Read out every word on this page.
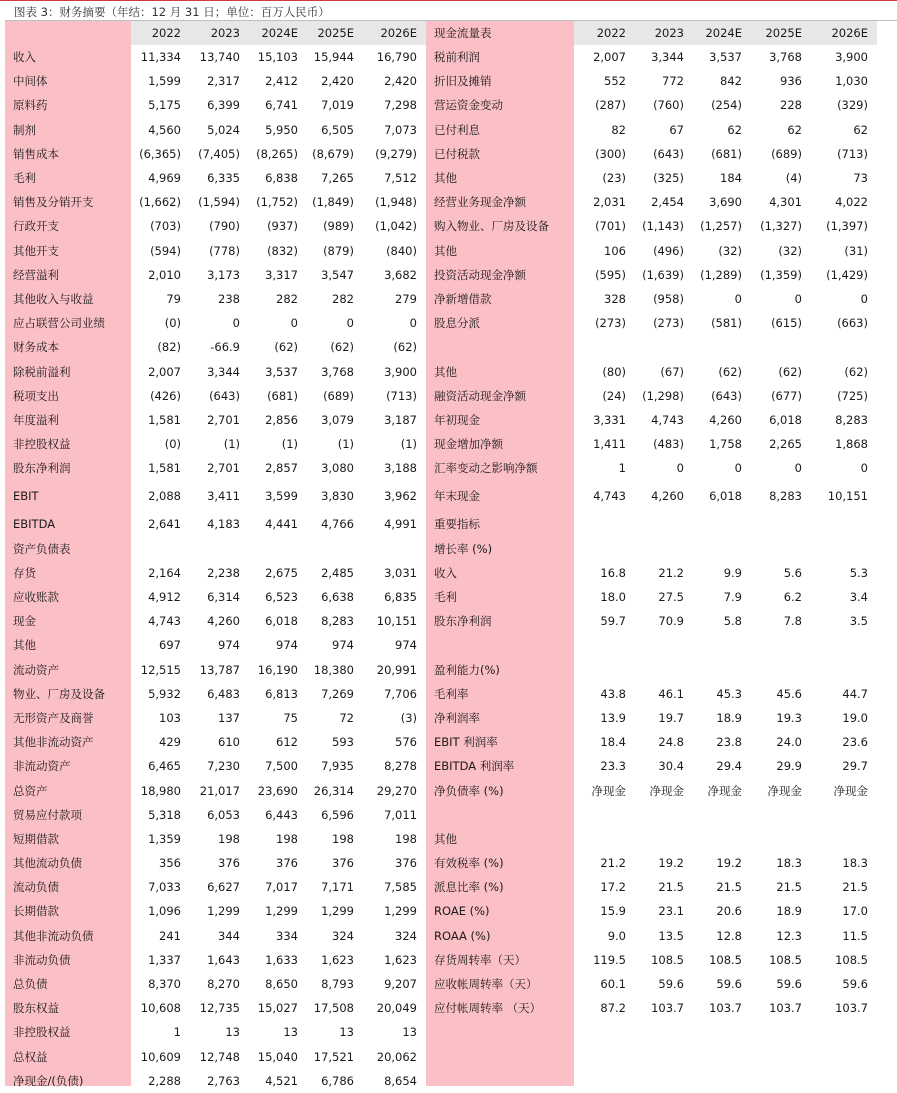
图表 3：财务摘要（年结：12 月 31 日；单位：百万人民币）
	2022	2023	2024E	2025E	2026E	现金流量表	2022	2023	2024E	2025E	2026E
收入	11,334	13,740	15,103	15,944	16,790	税前利润	2,007	3,344	3,537	3,768	3,900
中间体	1,599	2,317	2,412	2,420	2,420	折旧及摊销	552	772	842	936	1,030
原料药	5,175	6,399	6,741	7,019	7,298	营运资金变动	(287)	(760)	(254)	228	(329)
制剂	4,560	5,024	5,950	6,505	7,073	已付利息	82	67	62	62	62
销售成本	(6,365)	(7,405)	(8,265)	(8,679)	(9,279)	已付税款	(300)	(643)	(681)	(689)	(713)
毛利	4,969	6,335	6,838	7,265	7,512	其他	(23)	(325)	184	(4)	73
销售及分销开支	(1,662)	(1,594)	(1,752)	(1,849)	(1,948)	经营业务现金净额	2,031	2,454	3,690	4,301	4,022
行政开支	(703)	(790)	(937)	(989)	(1,042)	购入物业、厂房及设备	(701)	(1,143)	(1,257)	(1,327)	(1,397)
其他开支	(594)	(778)	(832)	(879)	(840)	其他	106	(496)	(32)	(32)	(31)
经营溢利	2,010	3,173	3,317	3,547	3,682	投资活动现金净额	(595)	(1,639)	(1,289)	(1,359)	(1,429)
其他收入与收益	79	238	282	282	279	净新增借款	328	(958)	0	0	0
应占联营公司业绩	(0)	0	0	0	0	股息分派	(273)	(273)	(581)	(615)	(663)
财务成本	(82)	-66.9	(62)	(62)	(62)						
除税前溢利	2,007	3,344	3,537	3,768	3,900	其他	(80)	(67)	(62)	(62)	(62)
税项支出	(426)	(643)	(681)	(689)	(713)	融资活动现金净额	(24)	(1,298)	(643)	(677)	(725)
年度溢利	1,581	2,701	2,856	3,079	3,187	年初现金	3,331	4,743	4,260	6,018	8,283
非控股权益	(0)	(1)	(1)	(1)	(1)	现金增加净额	1,411	(483)	1,758	2,265	1,868
股东净利润	1,581	2,701	2,857	3,080	3,188	汇率变动之影响净额	1	0	0	0	0
EBIT	2,088	3,411	3,599	3,830	3,962	年末现金	4,743	4,260	6,018	8,283	10,151
EBITDA	2,641	4,183	4,441	4,766	4,991	重要指标					
资产负债表						增长率 (%)					
存货	2,164	2,238	2,675	2,485	3,031	收入	16.8	21.2	9.9	5.6	5.3
应收账款	4,912	6,314	6,523	6,638	6,835	毛利	18.0	27.5	7.9	6.2	3.4
现金	4,743	4,260	6,018	8,283	10,151	股东净利润	59.7	70.9	5.8	7.8	3.5
其他	697	974	974	974	974						
流动资产	12,515	13,787	16,190	18,380	20,991	盈利能力(%)					
物业、厂房及设备	5,932	6,483	6,813	7,269	7,706	毛利率	43.8	46.1	45.3	45.6	44.7
无形资产及商誉	103	137	75	72	(3)	净利润率	13.9	19.7	18.9	19.3	19.0
其他非流动资产	429	610	612	593	576	EBIT 利润率	18.4	24.8	23.8	24.0	23.6
非流动资产	6,465	7,230	7,500	7,935	8,278	EBITDA 利润率	23.3	30.4	29.4	29.9	29.7
总资产	18,980	21,017	23,690	26,314	29,270	净负债率 (%)	净现金	净现金	净现金	净现金	净现金
贸易应付款项	5,318	6,053	6,443	6,596	7,011						
短期借款	1,359	198	198	198	198	其他					
其他流动负债	356	376	376	376	376	有效税率 (%)	21.2	19.2	19.2	18.3	18.3
流动负债	7,033	6,627	7,017	7,171	7,585	派息比率 (%)	17.2	21.5	21.5	21.5	21.5
长期借款	1,096	1,299	1,299	1,299	1,299	ROAE (%)	15.9	23.1	20.6	18.9	17.0
其他非流动负债	241	344	334	324	324	ROAA (%)	9.0	13.5	12.8	12.3	11.5
非流动负债	1,337	1,643	1,633	1,623	1,623	存货周转率（天）	119.5	108.5	108.5	108.5	108.5
总负债	8,370	8,270	8,650	8,793	9,207	应收帐周转率（天）	60.1	59.6	59.6	59.6	59.6
股东权益	10,608	12,735	15,027	17,508	20,049	应付帐周转率 （天）	87.2	103.7	103.7	103.7	103.7
非控股权益	1	13	13	13	13						
总权益	10,609	12,748	15,040	17,521	20,062						
净现金/(负债)	2,288	2,763	4,521	6,786	8,654						
